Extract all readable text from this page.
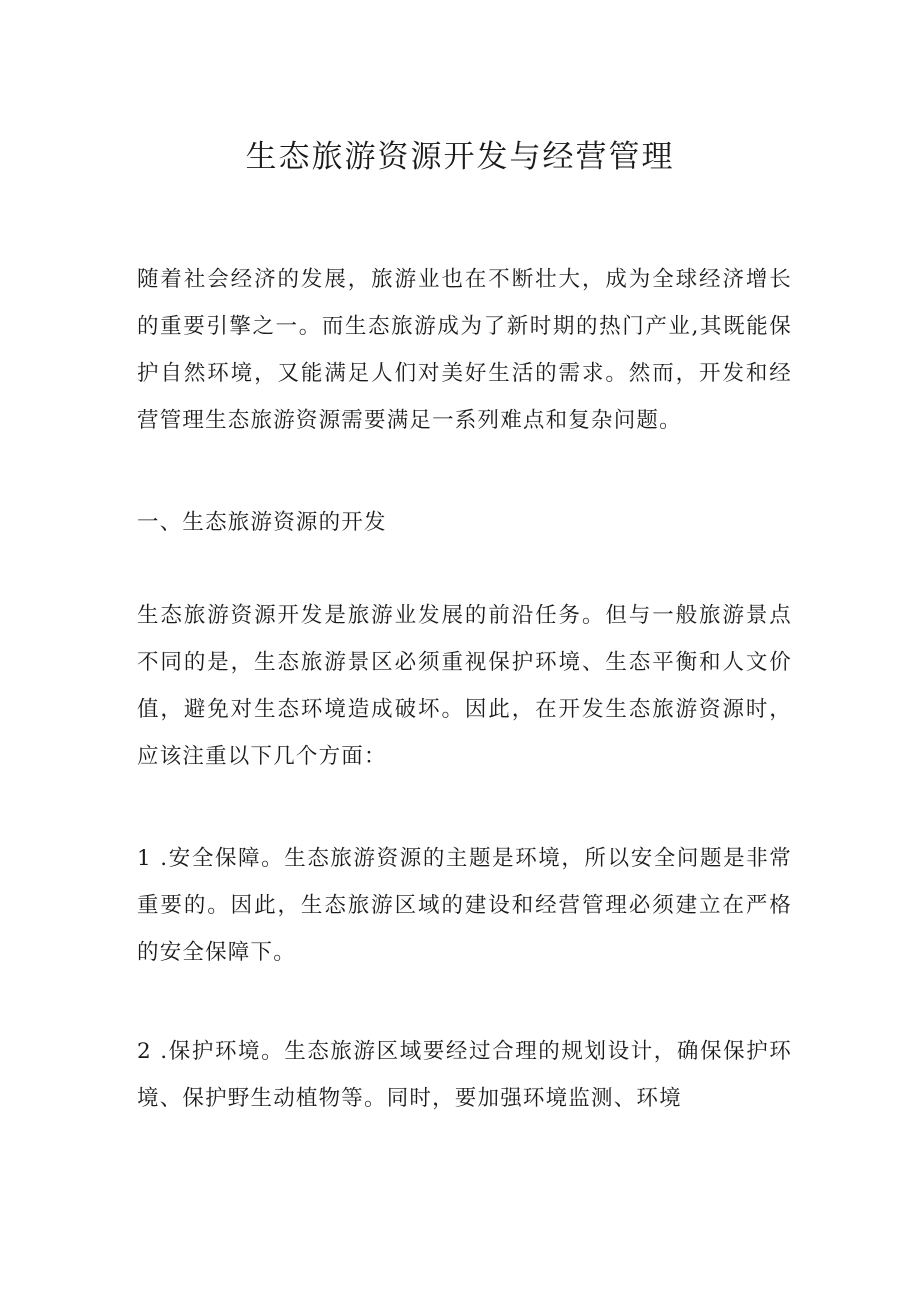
生态旅游资源开发与经营管理

随着社会经济的发展，旅游业也在不断壮大，成为全球经济增长的重要引擎之一。而生态旅游成为了新时期的热门产业,其既能保护自然环境，又能满足人们对美好生活的需求。然而，开发和经营管理生态旅游资源需要满足一系列难点和复杂问题。

一、生态旅游资源的开发

生态旅游资源开发是旅游业发展的前沿任务。但与一般旅游景点不同的是，生态旅游景区必须重视保护环境、生态平衡和人文价值，避免对生态环境造成破坏。因此，在开发生态旅游资源时，应该注重以下几个方面：

1 .安全保障。生态旅游资源的主题是环境，所以安全问题是非常重要的。因此，生态旅游区域的建设和经营管理必须建立在严格的安全保障下。

2 .保护环境。生态旅游区域要经过合理的规划设计，确保保护环境、保护野生动植物等。同时，要加强环境监测、环境
